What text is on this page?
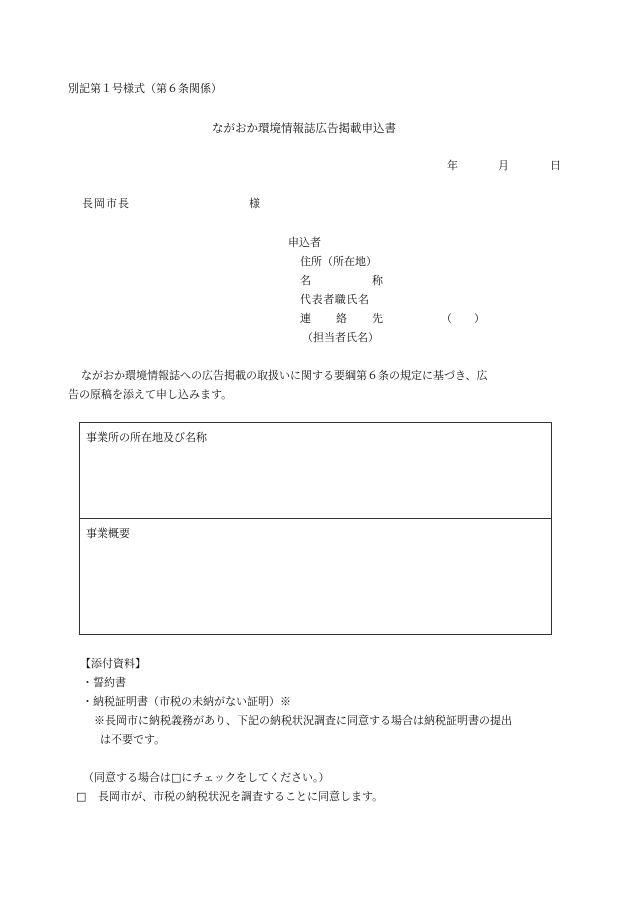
別記第１号様式（第６条関係）
ながおか環境情報誌広告掲載申込書
年	月	日
長岡市長	様
申込者
住所（所在地）
名	称
代表者職氏名
連 絡 先	（　　）
（担当者氏名）
ながおか環境情報誌への広告掲載の取扱いに関する要綱第６条の規定に基づき、広
告の原稿を添えて申し込みます。
事業所の所在地及び名称
事業概要
【添付資料】
・誓約書
・納税証明書（市税の未納がない証明）※
※長岡市に納税義務があり、下記の納税状況調査に同意する場合は納税証明書の提出
は不要です。
（同意する場合は□にチェックをしてください。）
□ 長岡市が、市税の納税状況を調査することに同意します。
